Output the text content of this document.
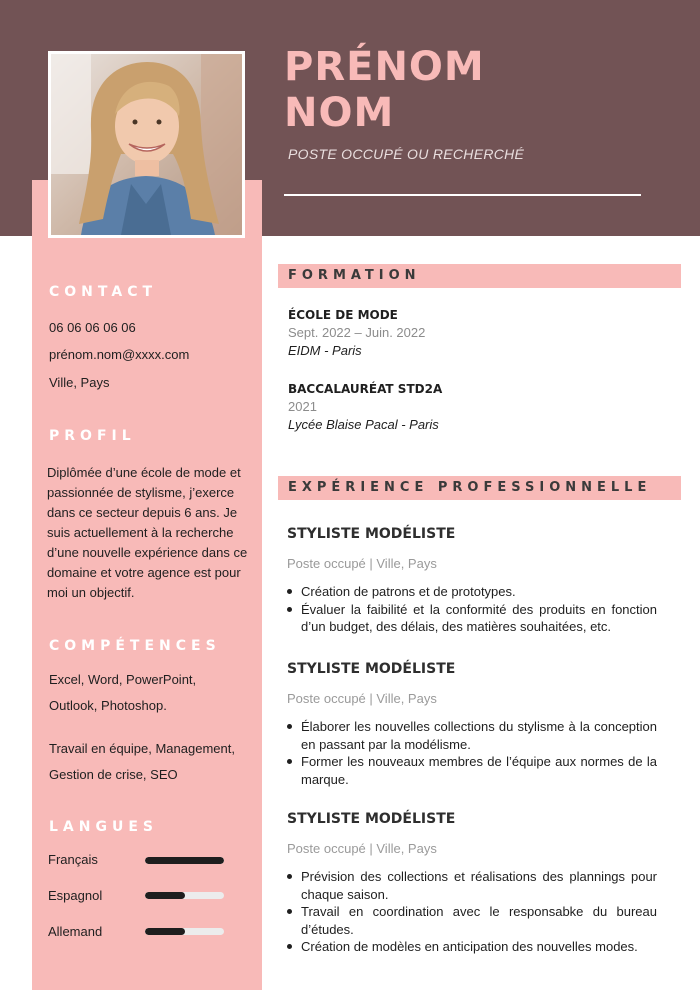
PRÉNOM
NOM
POSTE OCCUPÉ OU RECHERCHÉ
CONTACT

06 06 06 06 06

prénom.nom@xxxx.com

Ville, Pays

PROFIL

Diplômée d’une école de mode et passionnée de stylisme, j’exerce dans ce secteur depuis 6 ans. Je suis actuellement à la recherche d’une nouvelle expérience dans ce domaine et votre agence est pour moi un objectif.

COMPÉTENCES

Excel, Word, PowerPoint,

Outlook, Photoshop.

Travail en équipe, Management,

Gestion de crise, SEO

LANGUES
Français
Espagnol
Allemand
FORMATION
ÉCOLE DE MODE
Sept. 2022 – Juin. 2022
EIDM - Paris
BACCALAURÉAT STD2A
2021
Lycée Blaise Pacal - Paris
EXPÉRIENCE PROFESSIONNELLE
STYLISTE MODÉLISTE
Poste occupé | Ville, Pays
Création de patrons et de prototypes.
Évaluer la faibilité et la conformité des produits en fonction d’un budget, des délais, des matières souhaitées, etc.
STYLISTE MODÉLISTE
Poste occupé | Ville, Pays
Élaborer les nouvelles collections du stylisme à la conception en passant par la modélisme.
Former les nouveaux membres de l’équipe aux normes de la marque.
STYLISTE MODÉLISTE
Poste occupé | Ville, Pays
Prévision des collections et réalisations des plannings pour chaque saison.
Travail en coordination avec le responsabke du bureau d’études.
Création de modèles en anticipation des nouvelles modes.
